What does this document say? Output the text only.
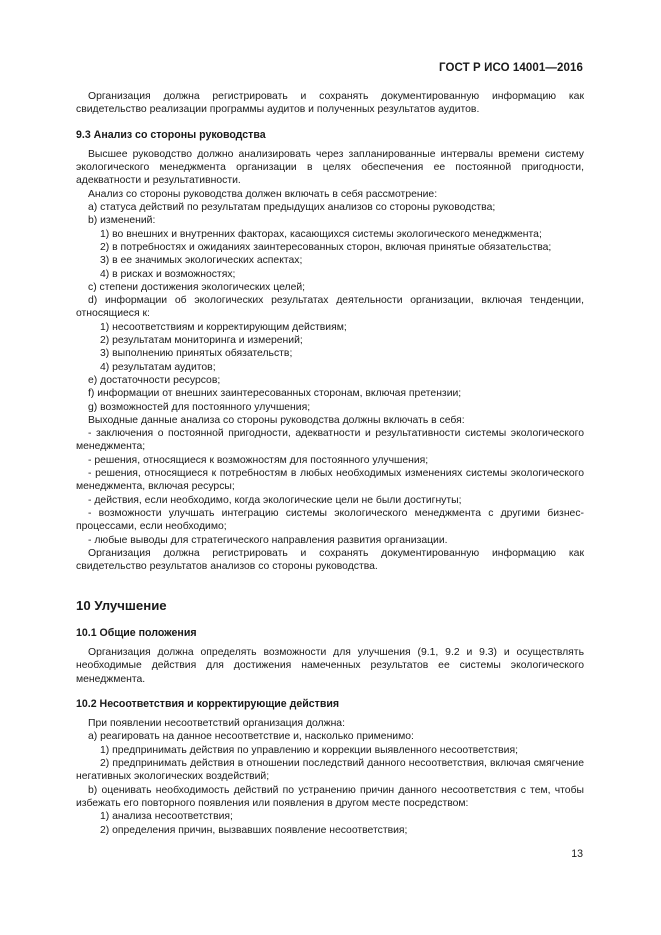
ГОСТ Р ИСО 14001—2016

Организация должна регистрировать и сохранять документированную информацию как свидетельство реализации программы аудитов и полученных результатов аудитов.

9.3 Анализ со стороны руководства

Высшее руководство должно анализировать через запланированные интервалы времени систему экологического менеджмента организации в целях обеспечения ее постоянной пригодности, адекватности и результативности.

Анализ со стороны руководства должен включать в себя рассмотрение:

а) статуса действий по результатам предыдущих анализов со стороны руководства;

b) изменений:

1) во внешних и внутренних факторах, касающихся системы экологического менеджмента;

2) в потребностях и ожиданиях заинтересованных сторон, включая принятые обязательства;

3) в ее значимых экологических аспектах;

4) в рисках и возможностях;

с) степени достижения экологических целей;

d) информации об экологических результатах деятельности организации, включая тенденции, относящиеся к:

1) несоответствиям и корректирующим действиям;

2) результатам мониторинга и измерений;

3) выполнению принятых обязательств;

4) результатам аудитов;

е) достаточности ресурсов;

f) информации от внешних заинтересованных сторонам, включая претензии;

g) возможностей для постоянного улучшения;

Выходные данные анализа со стороны руководства должны включать в себя:

- заключения о постоянной пригодности, адекватности и результативности системы экологического менеджмента;

- решения, относящиеся к возможностям для постоянного улучшения;

- решения, относящиеся к потребностям в любых необходимых изменениях системы экологического менеджмента, включая ресурсы;

- действия, если необходимо, когда экологические цели не были достигнуты;

- возможности улучшать интеграцию системы экологического менеджмента с другими бизнес-процессами, если необходимо;

- любые выводы для стратегического направления развития организации.

Организация должна регистрировать и сохранять документированную информацию как свидетельство результатов анализов со стороны руководства.

10 Улучшение
10.1 Общие положения

Организация должна определять возможности для улучшения (9.1, 9.2 и 9.3) и осуществлять необходимые действия для достижения намеченных результатов ее системы экологического менеджмента.

10.2 Несоответствия и корректирующие действия

При появлении несоответствий организация должна:

а) реагировать на данное несоответствие и, насколько применимо:

1) предпринимать действия по управлению и коррекции выявленного несоответствия;

2) предпринимать действия в отношении последствий данного несоответствия, включая смягчение негативных экологических воздействий;

b) оценивать необходимость действий по устранению причин данного несоответствия с тем, чтобы избежать его повторного появления или появления в другом месте посредством:

1) анализа несоответствия;

2) определения причин, вызвавших появление несоответствия;

13
